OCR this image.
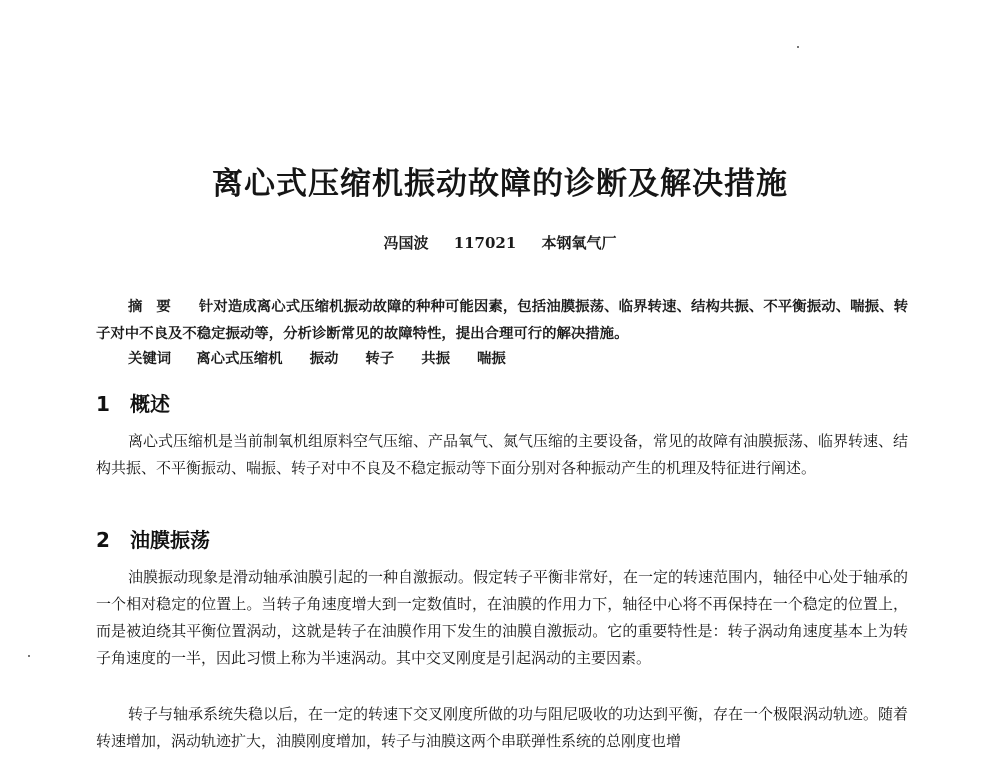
离心式压缩机振动故障的诊断及解决措施
冯国波 117021 本钢氧气厂
摘要 针对造成离心式压缩机振动故障的种种可能因素，包括油膜振荡、临界转速、结构共振、不平衡振动、喘振、转子对中不良及不稳定振动等，分析诊断常见的故障特性，提出合理可行的解决措施。
关键词 离心式压缩机 振动 转子 共振 喘振
1 概述
离心式压缩机是当前制氧机组原料空气压缩、产品氧气、氮气压缩的主要设备，常见的故障有油膜振荡、临界转速、结构共振、不平衡振动、喘振、转子对中不良及不稳定振动等下面分别对各种振动产生的机理及特征进行阐述。
2 油膜振荡
油膜振动现象是滑动轴承油膜引起的一种自激振动。假定转子平衡非常好，在一定的转速范围内，轴径中心处于轴承的一个相对稳定的位置上。当转子角速度增大到一定数值时，在油膜的作用力下，轴径中心将不再保持在一个稳定的位置上，而是被迫绕其平衡位置涡动，这就是转子在油膜作用下发生的油膜自激振动。它的重要特性是：转子涡动角速度基本上为转子角速度的一半，因此习惯上称为半速涡动。其中交叉刚度是引起涡动的主要因素。
转子与轴承系统失稳以后，在一定的转速下交叉刚度所做的功与阻尼吸收的功达到平衡，存在一个极限涡动轨迹。随着转速增加，涡动轨迹扩大，油膜刚度增加，转子与油膜这两个串联弹性系统的总刚度也增
